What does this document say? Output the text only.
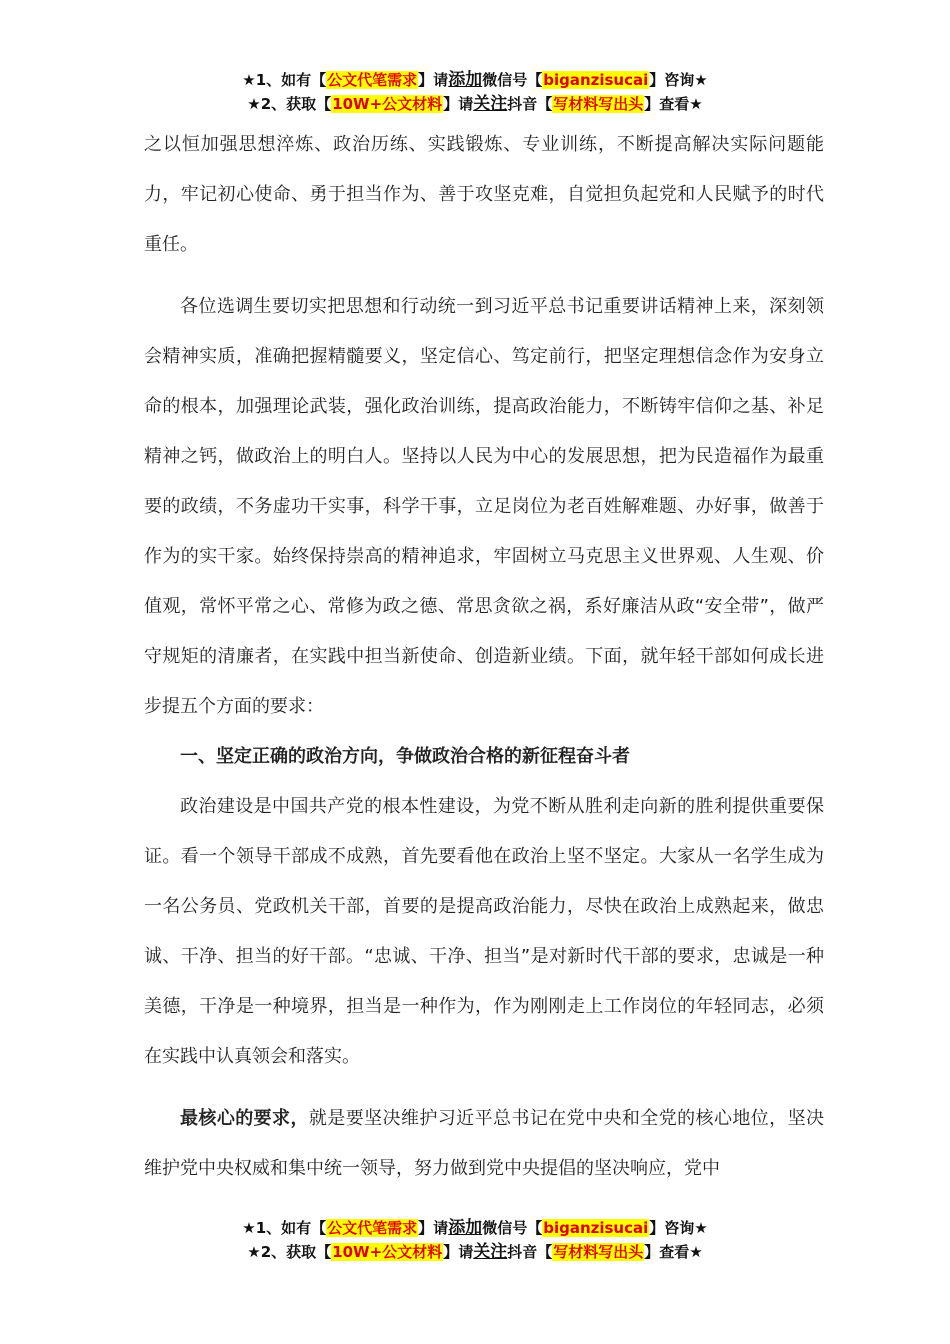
★1、如有【公文代笔需求】请添加微信号【biganzisucai】咨询★
★2、获取【10W+公文材料】请关注抖音【写材料写出头】查看★

之以恒加强思想淬炼、政治历练、实践锻炼、专业训练，不断提高解决实际问题能力，牢记初心使命、勇于担当作为、善于攻坚克难，自觉担负起党和人民赋予的时代重任。

各位选调生要切实把思想和行动统一到习近平总书记重要讲话精神上来，深刻领会精神实质，准确把握精髓要义，坚定信心、笃定前行，把坚定理想信念作为安身立命的根本，加强理论武装，强化政治训练，提高政治能力，不断铸牢信仰之基、补足精神之钙，做政治上的明白人。坚持以人民为中心的发展思想，把为民造福作为最重要的政绩，不务虚功干实事，科学干事，立足岗位为老百姓解难题、办好事，做善于作为的实干家。始终保持崇高的精神追求，牢固树立马克思主义世界观、人生观、价值观，常怀平常之心、常修为政之德、常思贪欲之祸，系好廉洁从政“安全带”，做严守规矩的清廉者，在实践中担当新使命、创造新业绩。下面，就年轻干部如何成长进步提五个方面的要求：

一、坚定正确的政治方向，争做政治合格的新征程奋斗者

政治建设是中国共产党的根本性建设，为党不断从胜利走向新的胜利提供重要保证。看一个领导干部成不成熟，首先要看他在政治上坚不坚定。大家从一名学生成为一名公务员、党政机关干部，首要的是提高政治能力，尽快在政治上成熟起来，做忠诚、干净、担当的好干部。“忠诚、干净、担当”是对新时代干部的要求，忠诚是一种美德，干净是一种境界，担当是一种作为，作为刚刚走上工作岗位的年轻同志，必须在实践中认真领会和落实。

最核心的要求，就是要坚决维护习近平总书记在党中央和全党的核心地位，坚决维护党中央权威和集中统一领导，努力做到党中央提倡的坚决响应，党中

★1、如有【公文代笔需求】请添加微信号【biganzisucai】咨询★
★2、获取【10W+公文材料】请关注抖音【写材料写出头】查看★
